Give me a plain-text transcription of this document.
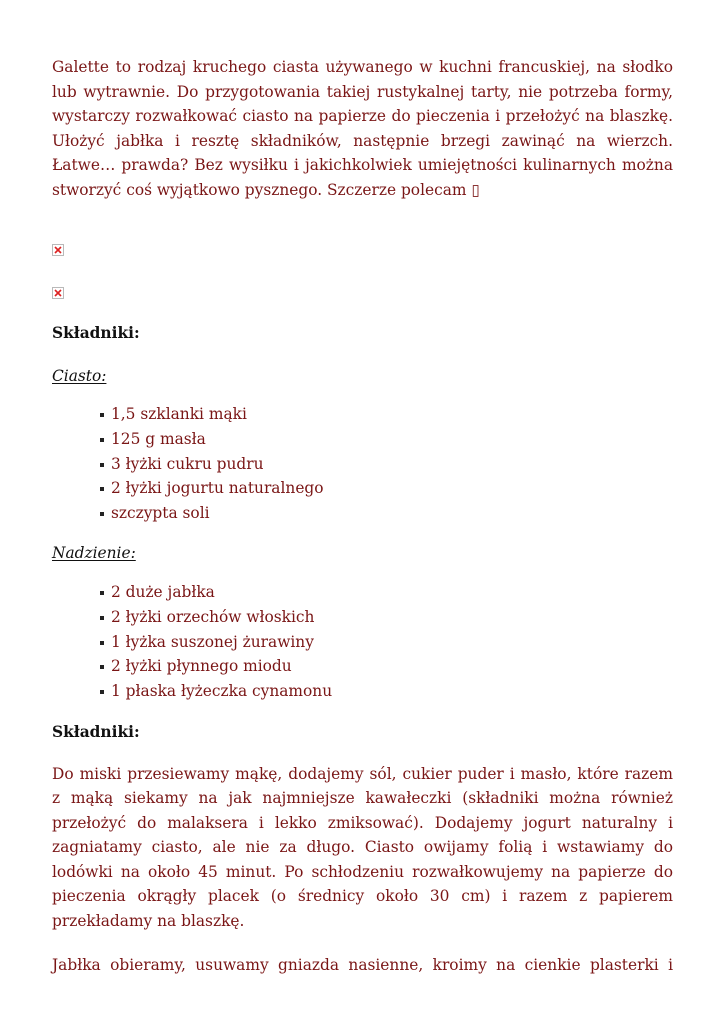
Galette to rodzaj kruchego ciasta używanego w kuchni francuskiej, na słodko lub wytrawnie. Do przygotowania takiej rustykalnej tarty, nie potrzeba formy, wystarczy rozwałkować ciasto na papierze do pieczenia i przełożyć na blaszkę. Ułożyć jabłka i resztę składników, następnie brzegi zawinąć na wierzch. Łatwe… prawda? Bez wysiłku i jakichkolwiek umiejętności kulinarnych można stworzyć coś wyjątkowo pysznego. Szczerze polecam ▯

Składniki:
Ciasto:
1,5 szklanki mąki
125 g masła
3 łyżki cukru pudru
2 łyżki jogurtu naturalnego
szczypta soli
Nadzienie:
2 duże jabłka
2 łyżki orzechów włoskich
1 łyżka suszonej żurawiny
2 łyżki płynnego miodu
1 płaska łyżeczka cynamonu
Składniki:

Do miski przesiewamy mąkę, dodajemy sól, cukier puder i masło, które razem z mąką siekamy na jak najmniejsze kawałeczki (składniki można również przełożyć do malaksera i lekko zmiksować). Dodajemy jogurt naturalny i zagniatamy ciasto, ale nie za długo. Ciasto owijamy folią i wstawiamy do lodówki na około 45 minut. Po schłodzeniu rozwałkowujemy na papierze do pieczenia okrągły placek (o średnicy około 30 cm) i razem z papierem przekładamy na blaszkę.

Jabłka obieramy, usuwamy gniazda nasienne, kroimy na cienkie plasterki i
